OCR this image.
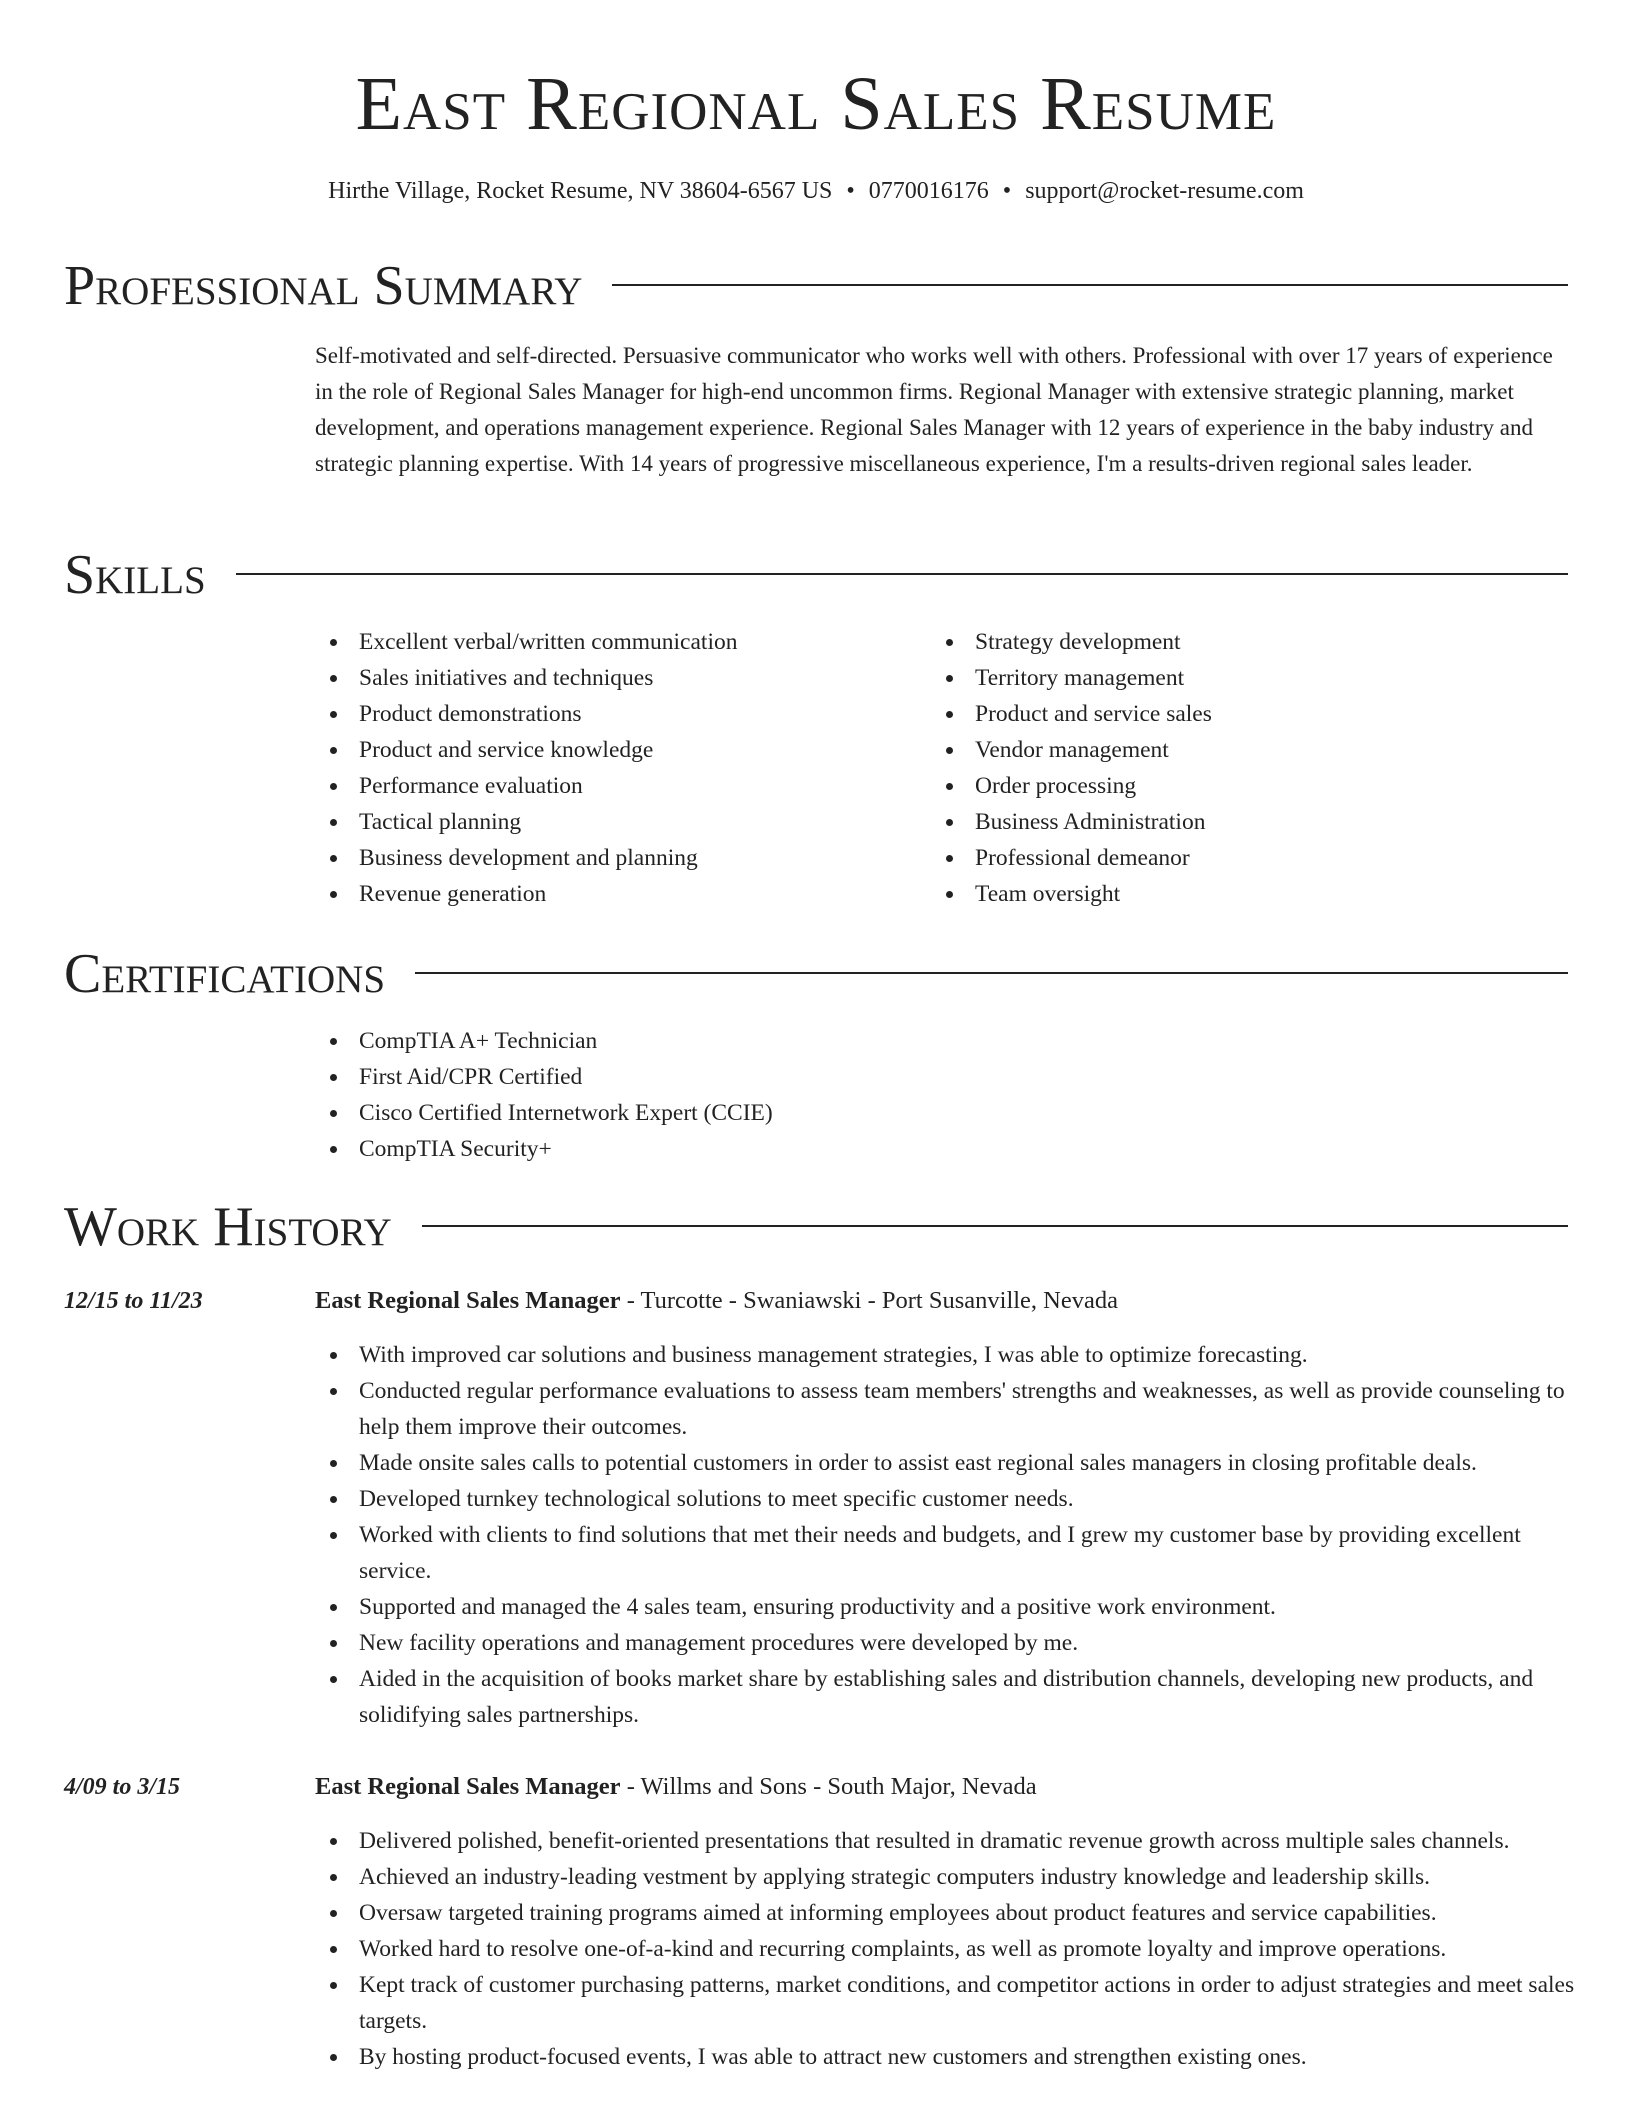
East Regional Sales Resume
Hirthe Village, Rocket Resume, NV 38604-6567 US • 0770016176 • support@rocket-resume.com
Professional Summary
Self-motivated and self-directed. Persuasive communicator who works well with others. Professional with over 17 years of experience in the role of Regional Sales Manager for high-end uncommon firms. Regional Manager with extensive strategic planning, market development, and operations management experience. Regional Sales Manager with 12 years of experience in the baby industry and strategic planning expertise. With 14 years of progressive miscellaneous experience, I'm a results-driven regional sales leader.
Skills
Excellent verbal/written communication
Sales initiatives and techniques
Product demonstrations
Product and service knowledge
Performance evaluation
Tactical planning
Business development and planning
Revenue generation
Strategy development
Territory management
Product and service sales
Vendor management
Order processing
Business Administration
Professional demeanor
Team oversight
Certifications
CompTIA A+ Technician
First Aid/CPR Certified
Cisco Certified Internetwork Expert (CCIE)
CompTIA Security+
Work History
12/15 to 11/23	East Regional Sales Manager - Turcotte - Swaniawski - Port Susanville, Nevada
With improved car solutions and business management strategies, I was able to optimize forecasting.
Conducted regular performance evaluations to assess team members' strengths and weaknesses, as well as provide counseling to help them improve their outcomes.
Made onsite sales calls to potential customers in order to assist east regional sales managers in closing profitable deals.
Developed turnkey technological solutions to meet specific customer needs.
Worked with clients to find solutions that met their needs and budgets, and I grew my customer base by providing excellent service.
Supported and managed the 4 sales team, ensuring productivity and a positive work environment.
New facility operations and management procedures were developed by me.
Aided in the acquisition of books market share by establishing sales and distribution channels, developing new products, and solidifying sales partnerships.
4/09 to 3/15	East Regional Sales Manager - Willms and Sons - South Major, Nevada
Delivered polished, benefit-oriented presentations that resulted in dramatic revenue growth across multiple sales channels.
Achieved an industry-leading vestment by applying strategic computers industry knowledge and leadership skills.
Oversaw targeted training programs aimed at informing employees about product features and service capabilities.
Worked hard to resolve one-of-a-kind and recurring complaints, as well as promote loyalty and improve operations.
Kept track of customer purchasing patterns, market conditions, and competitor actions in order to adjust strategies and meet sales targets.
By hosting product-focused events, I was able to attract new customers and strengthen existing ones.
